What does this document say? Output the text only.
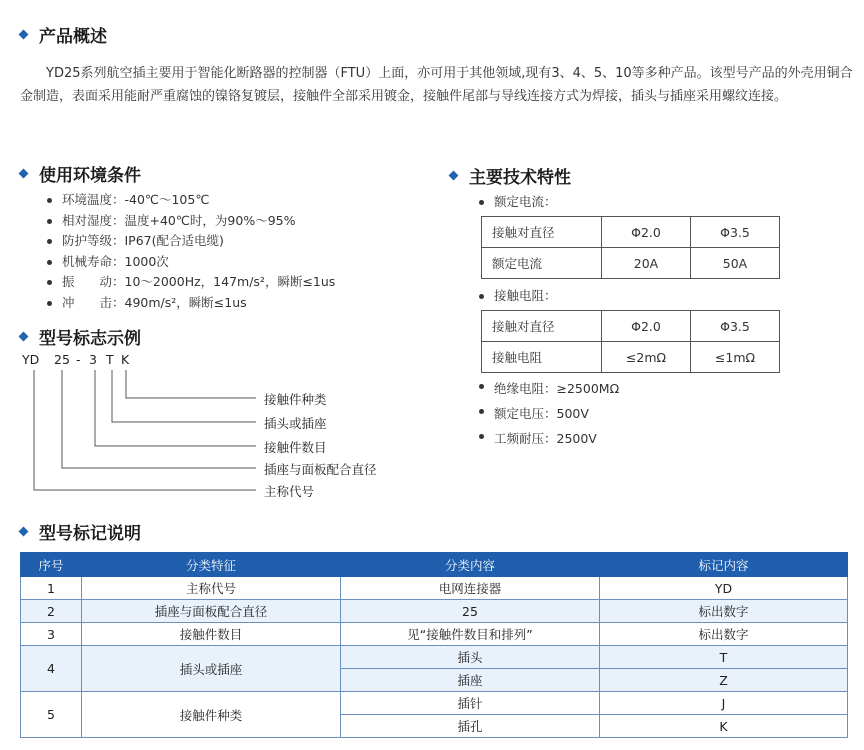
产品概述
YD25系列航空插主要用于智能化断路器的控制器（FTU）上面，亦可用于其他领域,现有3、4、5、10等多种产品。该型号产品的外壳用铜合金制造，表面采用能耐严重腐蚀的镍铬复镀层，接触件全部采用镀金，接触件尾部与导线连接方式为焊接，插头与插座采用螺纹连接。
使用环境条件
环境温度：-40℃～105℃
相对湿度：温度+40℃时，为90%～95%
防护等级：IP67(配合适电缆)
机械寿命：1000次
振　　动：10～2000Hz，147m/s²，瞬断≤1us
冲　　击：490m/s²，瞬断≤1us
型号标志示例
YD 25 - 3 T K
接触件种类
插头或插座
接触件数目
插座与面板配合直径
主称代号
主要技术特性
额定电流：
接触对直径	Φ2.0	Φ3.5
额定电流	20A	50A
接触电阻：
接触对直径	Φ2.0	Φ3.5
接触电阻	≤2mΩ	≤1mΩ
绝缘电阻：≥2500MΩ
额定电压：500V
工频耐压：2500V
型号标记说明
序号	分类特征	分类内容	标记内容
1	主称代号	电网连接器	YD
2	插座与面板配合直径	25	标出数字
3	接触件数目	见“接触件数目和排列”	标出数字
4	插头或插座	插头	T
		插座	Z
5	接触件种类	插针	J
		插孔	K
